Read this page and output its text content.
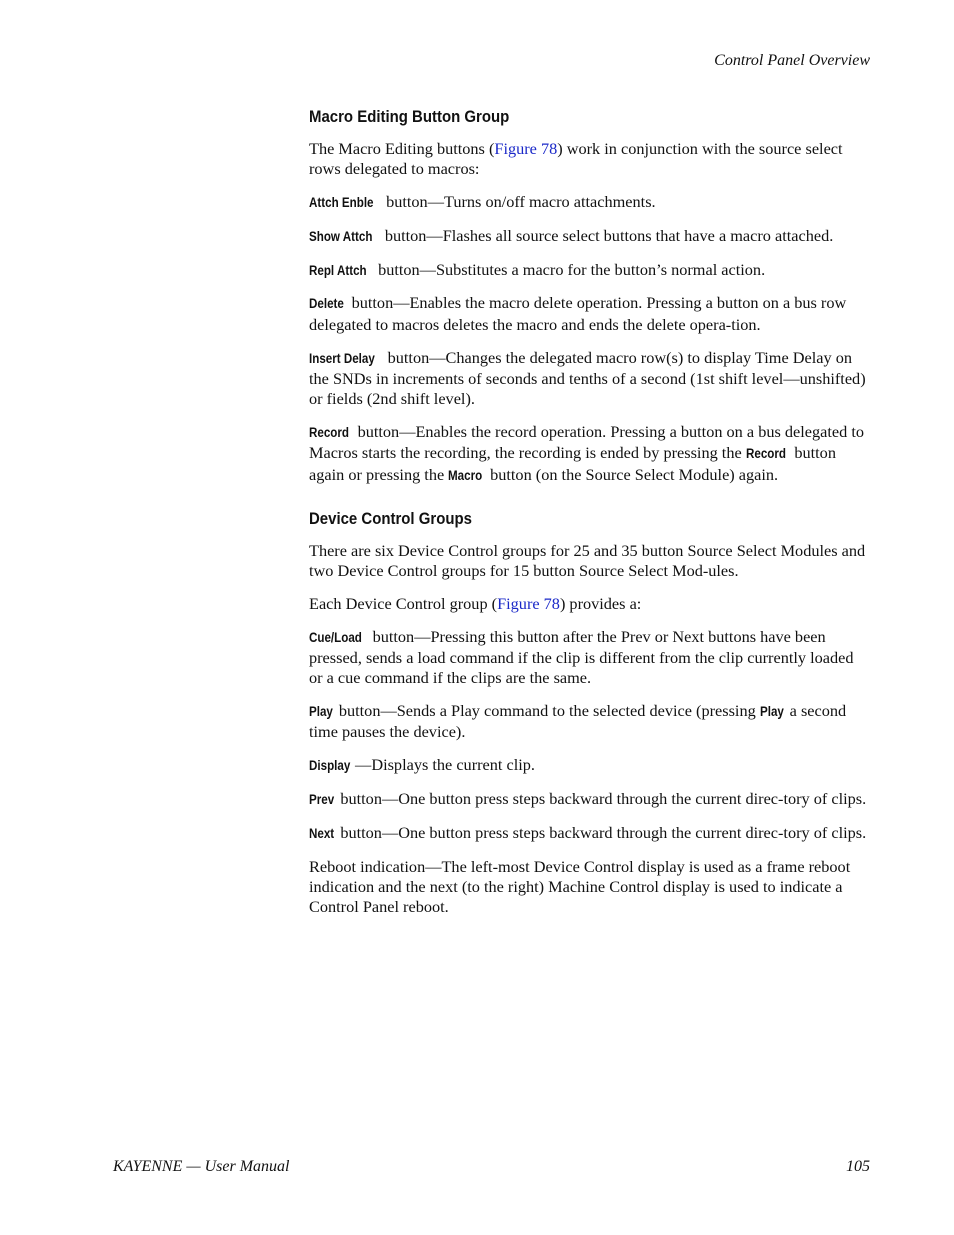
Control Panel Overview
Macro Editing Button Group

The Macro Editing buttons (Figure 78) work in conjunction with the source select rows delegated to macros:

Attch Enble button—Turns on/off macro attachments.

Show Attch button—Flashes all source select buttons that have a macro attached.

Repl Attch button—Substitutes a macro for the button’s normal action.

Delete button—Enables the macro delete operation. Pressing a button on a bus row delegated to macros deletes the macro and ends the delete opera-tion.

Insert Delay button—Changes the delegated macro row(s) to display Time Delay on the SNDs in increments of seconds and tenths of a second (1st shift level—unshifted) or fields (2nd shift level).

Record button—Enables the record operation. Pressing a button on a bus delegated to Macros starts the recording, the recording is ended by pressing the Record button again or pressing the Macro button (on the Source Select Module) again.

Device Control Groups

There are six Device Control groups for 25 and 35 button Source Select Modules and two Device Control groups for 15 button Source Select Mod-ules.

Each Device Control group (Figure 78) provides a:

Cue/Load button—Pressing this button after the Prev or Next buttons have been pressed, sends a load command if the clip is different from the clip currently loaded or a cue command if the clips are the same.

Play button—Sends a Play command to the selected device (pressing Play a second time pauses the device).

Display —Displays the current clip.

Prev button—One button press steps backward through the current direc-tory of clips.

Next button—One button press steps backward through the current direc-tory of clips.

Reboot indication—The left-most Device Control display is used as a frame reboot indication and the next (to the right) Machine Control display is used to indicate a Control Panel reboot.

KAYENNE — User Manual	105
